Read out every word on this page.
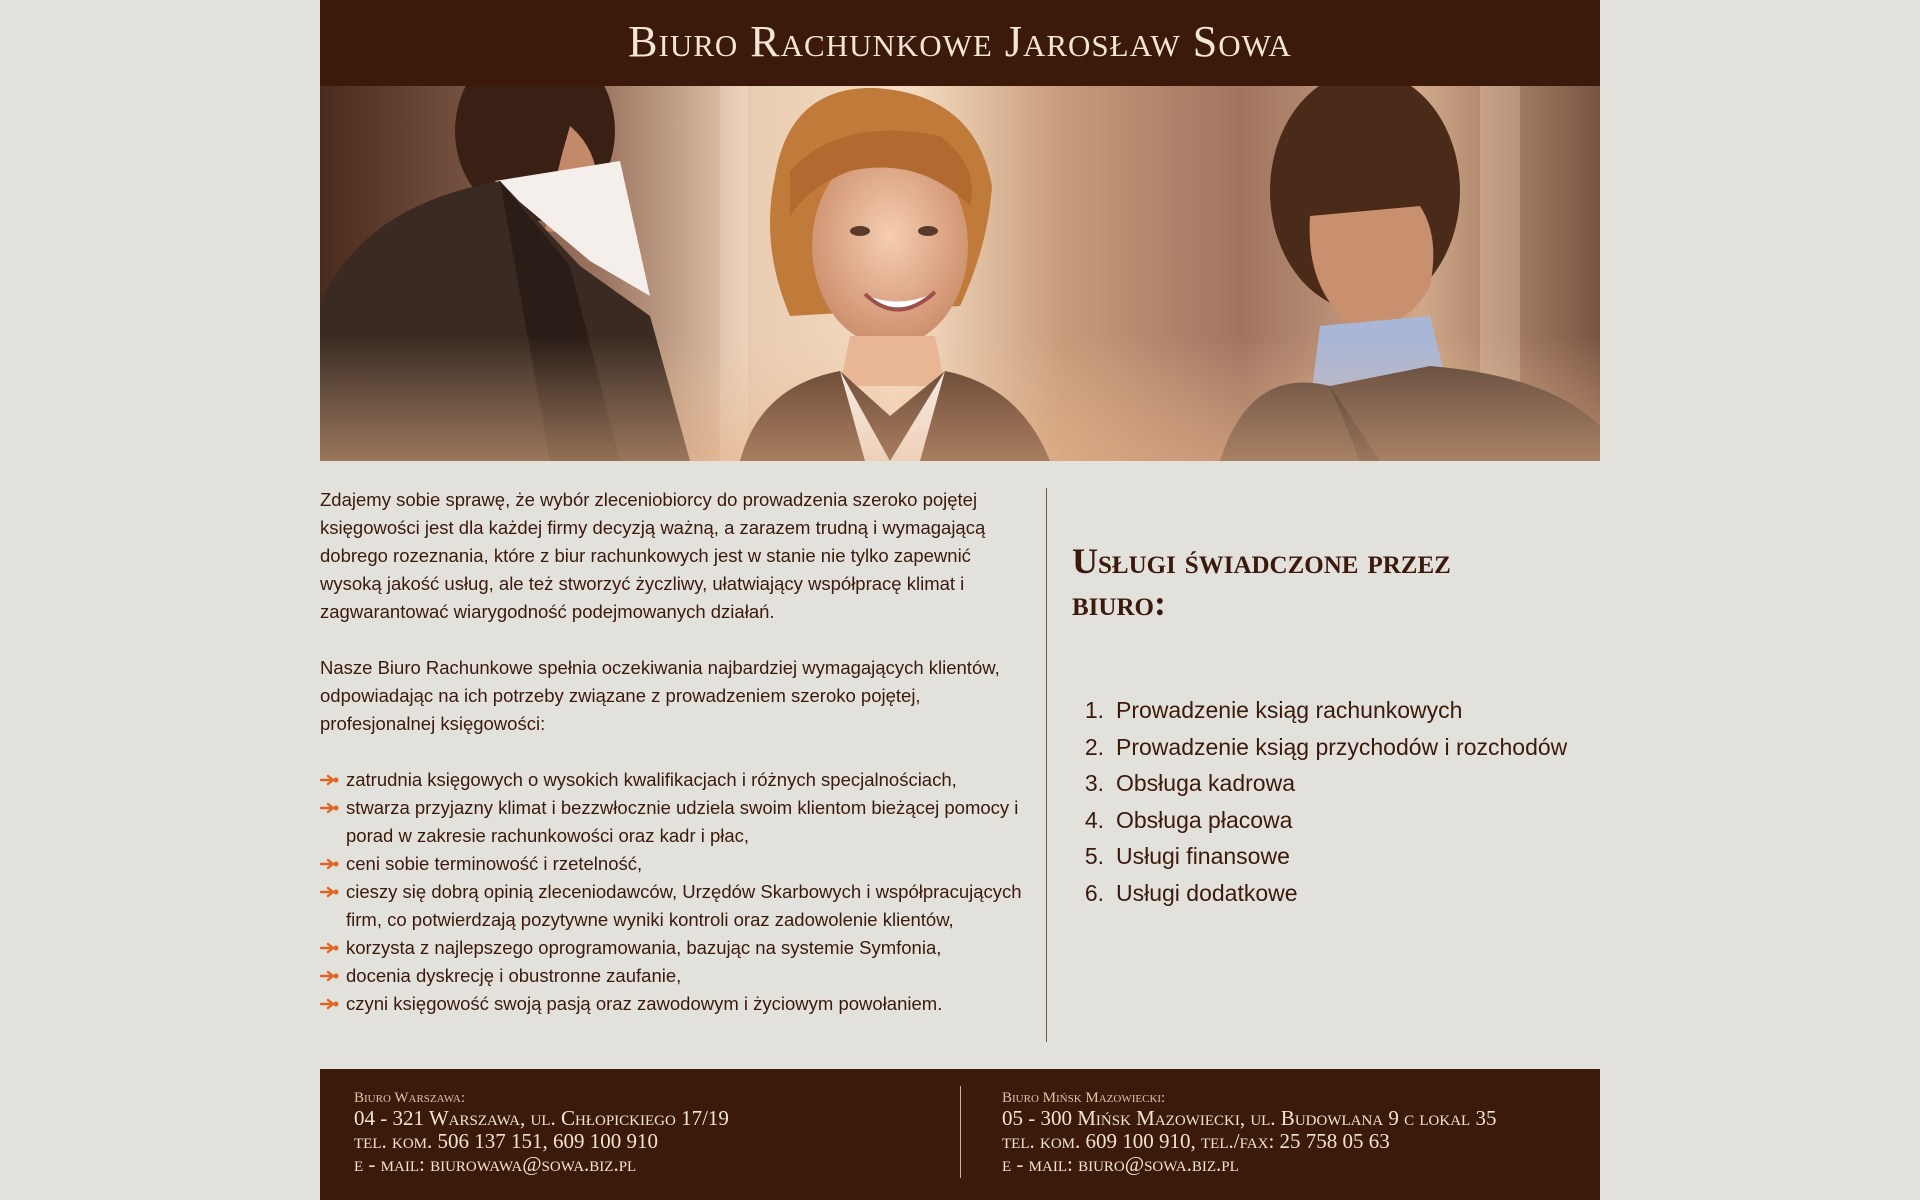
Biuro Rachunkowe Jarosław Sowa

Zdajemy sobie sprawę, że wybór zleceniobiorcy do prowadzenia szeroko pojętej księgowości jest dla każdej firmy decyzją ważną, a zarazem trudną i wymagającą dobrego rozeznania, które z biur rachunkowych jest w stanie nie tylko zapewnić wysoką jakość usług, ale też stworzyć życzliwy, ułatwiający współpracę klimat i zagwarantować wiarygodność podejmowanych działań.

Nasze Biuro Rachunkowe spełnia oczekiwania najbardziej wymagających klientów, odpowiadając na ich potrzeby związane z prowadzeniem szeroko pojętej, profesjonalnej księgowości:

zatrudnia księgowych o wysokich kwalifikacjach i różnych specjalnościach,
stwarza przyjazny klimat i bezzwłocznie udziela swoim klientom bieżącej pomocy i porad w zakresie rachunkowości oraz kadr i płac,
ceni sobie terminowość i rzetelność,
cieszy się dobrą opinią zleceniodawców, Urzędów Skarbowych i współpracujących firm, co potwierdzają pozytywne wyniki kontroli oraz zadowolenie klientów,
korzysta z najlepszego oprogramowania, bazując na systemie Symfonia,
docenia dyskrecję i obustronne zaufanie,
czyni księgowość swoją pasją oraz zawodowym i życiowym powołaniem.
Usługi świadczone przez biuro:
1. Prowadzenie ksiąg rachunkowych
2. Prowadzenie ksiąg przychodów i rozchodów
3. Obsługa kadrowa
4. Obsługa płacowa
5. Usługi finansowe
6. Usługi dodatkowe
Biuro Warszawa:
04 - 321 Warszawa, ul. Chłopickiego 17/19
tel. kom. 506 137 151, 609 100 910
e - mail: biurowawa@sowa.biz.pl
Biuro Mińsk Mazowiecki:
05 - 300 Mińsk Mazowiecki, ul. Budowlana 9 c lokal 35
tel. kom. 609 100 910, tel./fax: 25 758 05 63
e - mail: biuro@sowa.biz.pl
